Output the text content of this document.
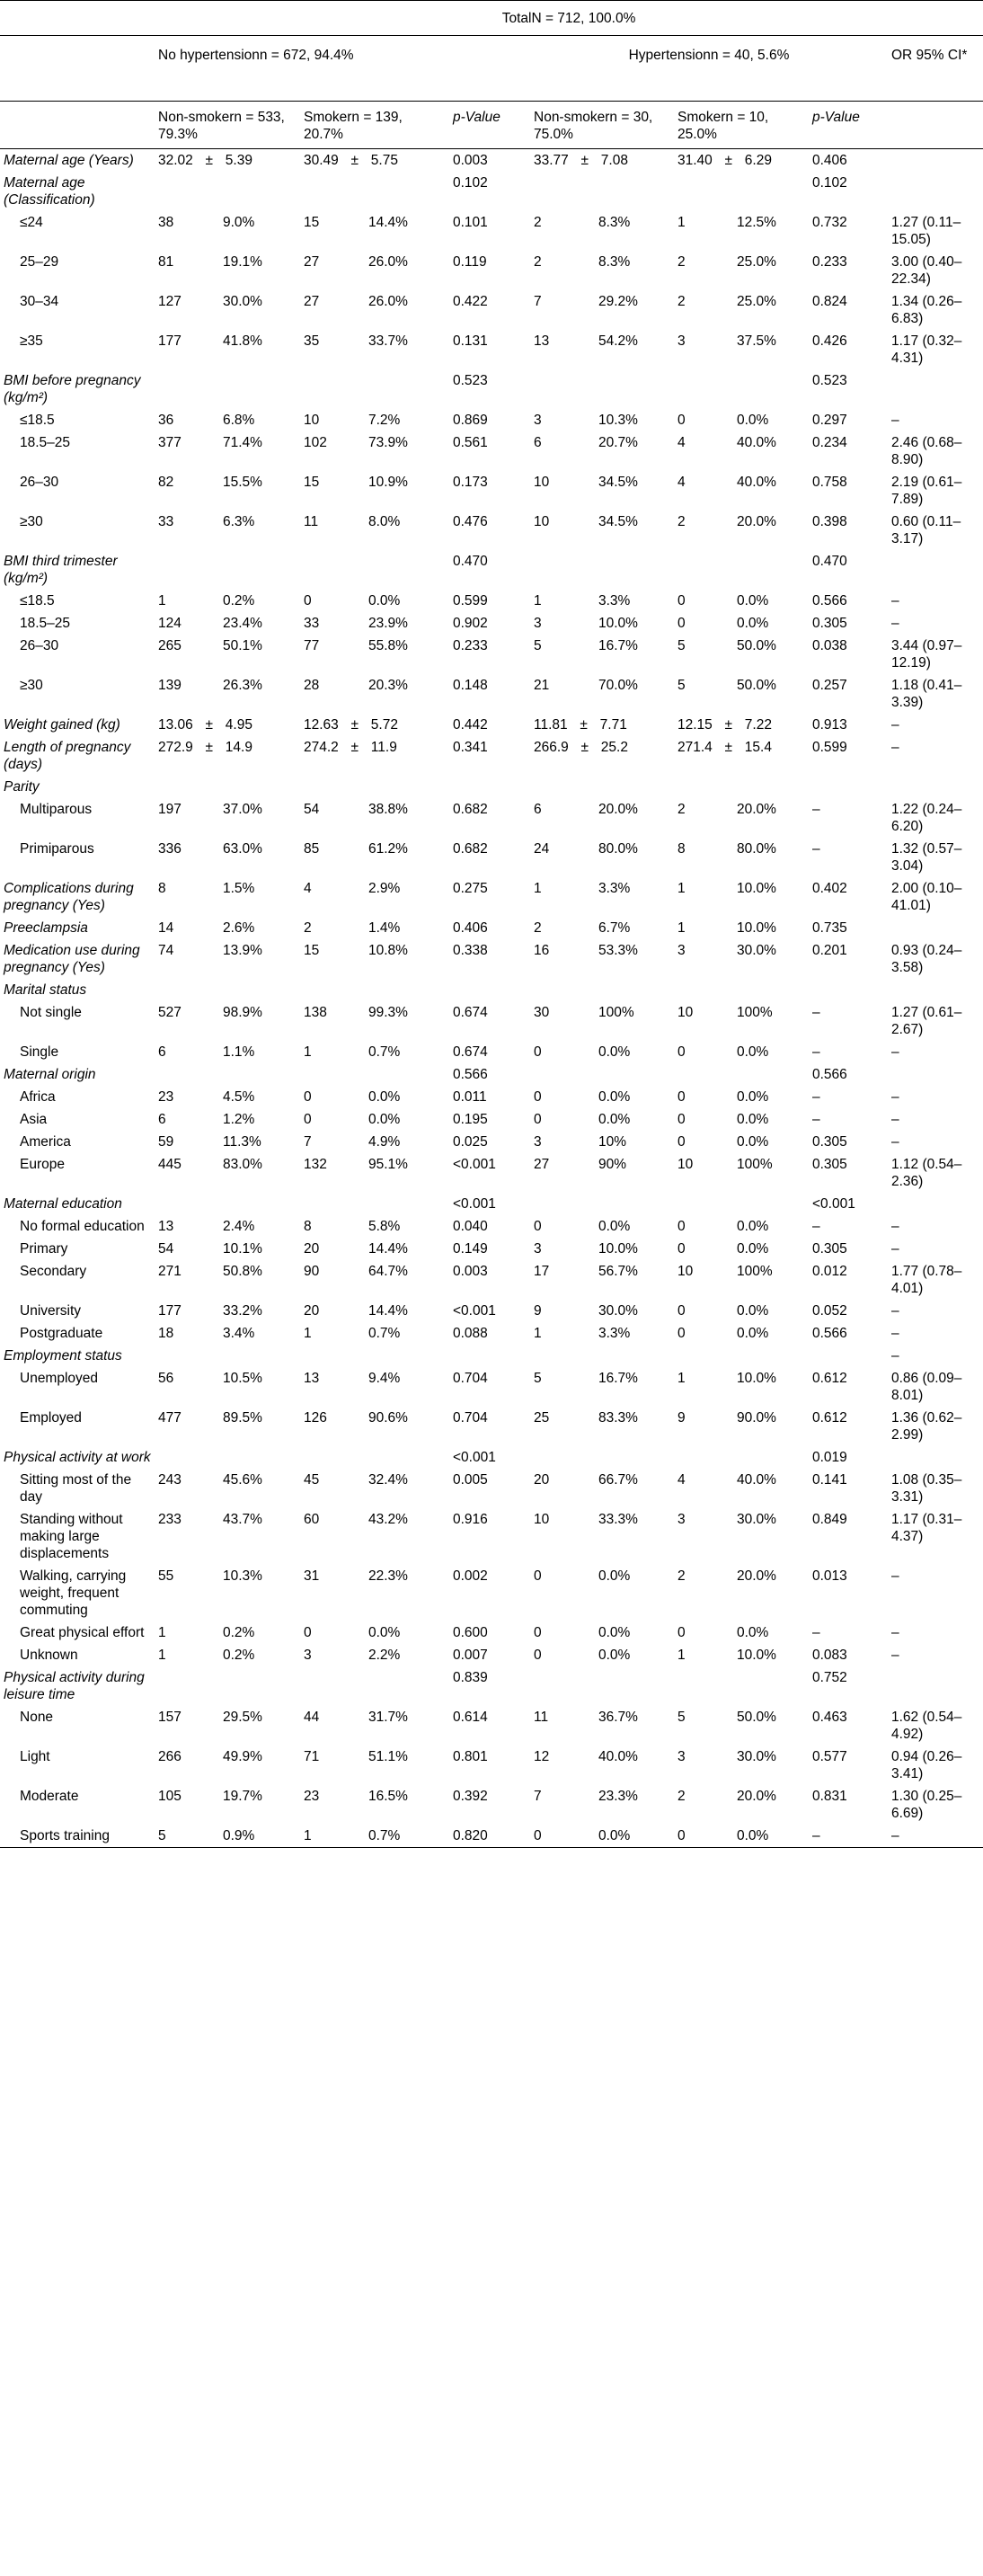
	TotalN = 712, 100.0%										
	No hypertensionn = 672, 94.4%					Hypertensionn = 40, 5.6%					OR 95% CI*
	Non-smokern = 533, 79.3%		Smokern = 139, 20.7%		p-Value	Non-smokern = 30, 75.0%		Smokern = 10, 25.0%		p-Value	
Maternal age (Years)	32.02 ± 5.39		30.49 ± 5.75		0.003	33.77 ± 7.08		31.40 ± 6.29		0.406	
Maternal age (Classification)					0.102					0.102	
≤24	38	9.0%	15	14.4%	0.101	2	8.3%	1	12.5%	0.732	1.27 (0.11–15.05)
25–29	81	19.1%	27	26.0%	0.119	2	8.3%	2	25.0%	0.233	3.00 (0.40–22.34)
30–34	127	30.0%	27	26.0%	0.422	7	29.2%	2	25.0%	0.824	1.34 (0.26–6.83)
≥35	177	41.8%	35	33.7%	0.131	13	54.2%	3	37.5%	0.426	1.17 (0.32–4.31)
BMI before pregnancy (kg/m²)					0.523					0.523	
≤18.5	36	6.8%	10	7.2%	0.869	3	10.3%	0	0.0%	0.297	–
18.5–25	377	71.4%	102	73.9%	0.561	6	20.7%	4	40.0%	0.234	2.46 (0.68–8.90)
26–30	82	15.5%	15	10.9%	0.173	10	34.5%	4	40.0%	0.758	2.19 (0.61–7.89)
≥30	33	6.3%	11	8.0%	0.476	10	34.5%	2	20.0%	0.398	0.60 (0.11–3.17)
BMI third trimester (kg/m²)					0.470					0.470	
≤18.5	1	0.2%	0	0.0%	0.599	1	3.3%	0	0.0%	0.566	–
18.5–25	124	23.4%	33	23.9%	0.902	3	10.0%	0	0.0%	0.305	–
26–30	265	50.1%	77	55.8%	0.233	5	16.7%	5	50.0%	0.038	3.44 (0.97–12.19)
≥30	139	26.3%	28	20.3%	0.148	21	70.0%	5	50.0%	0.257	1.18 (0.41–3.39)
Weight gained (kg)	13.06 ± 4.95		12.63 ± 5.72		0.442	11.81 ± 7.71		12.15 ± 7.22		0.913	–
Length of pregnancy (days)	272.9 ± 14.9		274.2 ± 11.9		0.341	266.9 ± 25.2		271.4 ± 15.4		0.599	–
Parity											
Multiparous	197	37.0%	54	38.8%	0.682	6	20.0%	2	20.0%	–	1.22 (0.24–6.20)
Primiparous	336	63.0%	85	61.2%	0.682	24	80.0%	8	80.0%	–	1.32 (0.57–3.04)
Complications during pregnancy (Yes)	8	1.5%	4	2.9%	0.275	1	3.3%	1	10.0%	0.402	2.00 (0.10–41.01)
Preeclampsia	14	2.6%	2	1.4%	0.406	2	6.7%	1	10.0%	0.735	
Medication use during pregnancy (Yes)	74	13.9%	15	10.8%	0.338	16	53.3%	3	30.0%	0.201	0.93 (0.24–3.58)
Marital status											
Not single	527	98.9%	138	99.3%	0.674	30	100%	10	100%	–	1.27 (0.61–2.67)
Single	6	1.1%	1	0.7%	0.674	0	0.0%	0	0.0%	–	–
Maternal origin					0.566					0.566	
Africa	23	4.5%	0	0.0%	0.011	0	0.0%	0	0.0%	–	–
Asia	6	1.2%	0	0.0%	0.195	0	0.0%	0	0.0%	–	–
America	59	11.3%	7	4.9%	0.025	3	10%	0	0.0%	0.305	–
Europe	445	83.0%	132	95.1%	<0.001	27	90%	10	100%	0.305	1.12 (0.54–2.36)
Maternal education					<0.001					<0.001	
No formal education	13	2.4%	8	5.8%	0.040	0	0.0%	0	0.0%	–	–
Primary	54	10.1%	20	14.4%	0.149	3	10.0%	0	0.0%	0.305	–
Secondary	271	50.8%	90	64.7%	0.003	17	56.7%	10	100%	0.012	1.77 (0.78–4.01)
University	177	33.2%	20	14.4%	<0.001	9	30.0%	0	0.0%	0.052	–
Postgraduate	18	3.4%	1	0.7%	0.088	1	3.3%	0	0.0%	0.566	–
Employment status											–
Unemployed	56	10.5%	13	9.4%	0.704	5	16.7%	1	10.0%	0.612	0.86 (0.09–8.01)
Employed	477	89.5%	126	90.6%	0.704	25	83.3%	9	90.0%	0.612	1.36 (0.62–2.99)
Physical activity at work					<0.001					0.019	
Sitting most of the day	243	45.6%	45	32.4%	0.005	20	66.7%	4	40.0%	0.141	1.08 (0.35–3.31)
Standing without making large displacements	233	43.7%	60	43.2%	0.916	10	33.3%	3	30.0%	0.849	1.17 (0.31–4.37)
Walking, carrying weight, frequent commuting	55	10.3%	31	22.3%	0.002	0	0.0%	2	20.0%	0.013	–
Great physical effort	1	0.2%	0	0.0%	0.600	0	0.0%	0	0.0%	–	–
Unknown	1	0.2%	3	2.2%	0.007	0	0.0%	1	10.0%	0.083	–
Physical activity during leisure time					0.839					0.752	
None	157	29.5%	44	31.7%	0.614	11	36.7%	5	50.0%	0.463	1.62 (0.54–4.92)
Light	266	49.9%	71	51.1%	0.801	12	40.0%	3	30.0%	0.577	0.94 (0.26–3.41)
Moderate	105	19.7%	23	16.5%	0.392	7	23.3%	2	20.0%	0.831	1.30 (0.25–6.69)
Sports training	5	0.9%	1	0.7%	0.820	0	0.0%	0	0.0%	–	–
